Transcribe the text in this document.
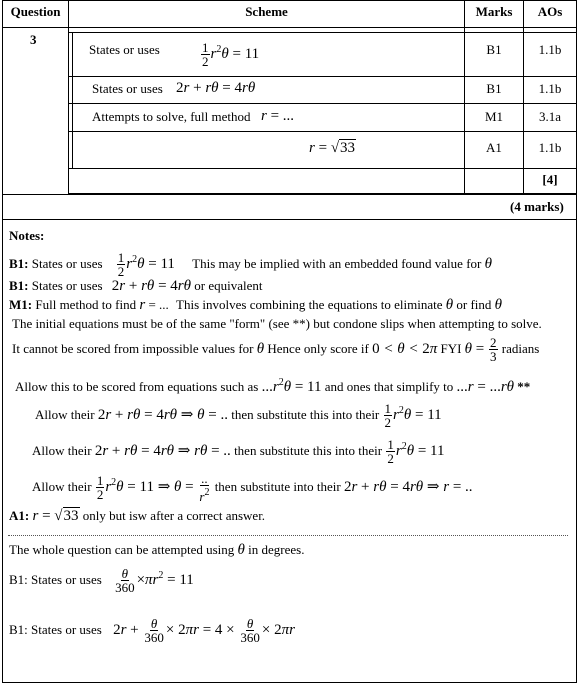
Question	Scheme	Marks	AOs
3
States or uses	$\frac{1}{2} r^2\theta = 11$	B1	1.1b
States or uses 2r + rθ = 4rθ	B1	1.1b
Attempts to solve, full method r = ...	M1	3.1a
r = √33	A1	1.1b
[4]
(4 marks)
Notes:
B1: States or uses $\frac{1}{2} r^2\theta = 11$ This may be implied with an embedded found value for θ
B1: States or uses 2r + rθ = 4rθ or equivalent
M1: Full method to find r = ... This involves combining the equations to eliminate θ or find θ
The initial equations must be of the same "form" (see **) but condone slips when attempting to solve.
It cannot be scored from impossible values for θ Hence only score if 0 < θ < 2π FYI $\theta = \frac{2}{3}$ radians
Allow this to be scored from equations such as $...r^2\theta = 11$ and ones that simplify to ...r = ...rθ **
Allow their 2r + rθ = 4rθ ⇒ θ = .. then substitute this into their $\frac{1}{2} r^2\theta = 11$
Allow their 2r + rθ = 4rθ ⇒ rθ = .. then substitute this into their $\frac{1}{2} r^2\theta = 11$
Allow their $\frac{1}{2} r^2\theta = 11$ ⇒ $\theta = \frac{..}{r^2}$ then substitute into their 2r + rθ = 4rθ ⇒ r = ..
A1: r = √33 only but isw after a correct answer.
The whole question can be attempted using θ in degrees.
B1: States or uses $\frac{\theta}{360} \times\pi r^2 = 11$
B1: States or uses $2r + \frac{\theta}{360} \times 2\pi r = 4 \times \frac{\theta}{360} \times 2\pi r$
